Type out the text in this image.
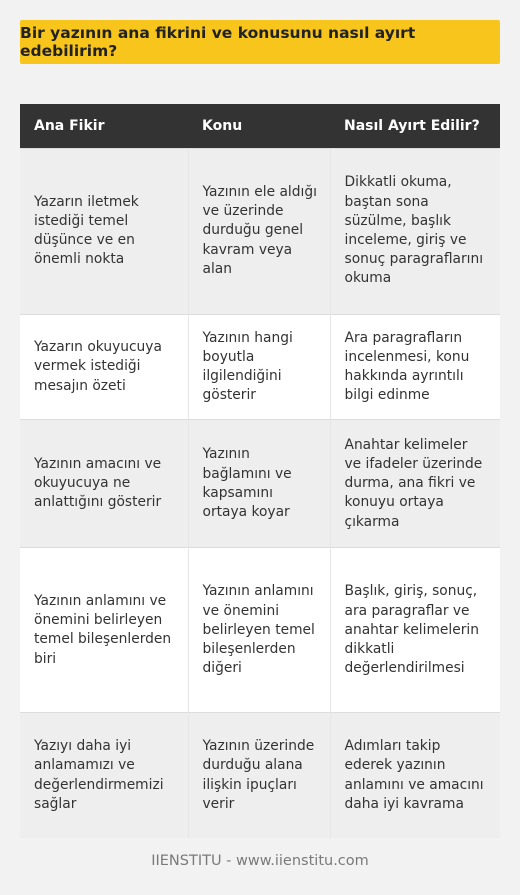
Bir yazının ana fikrini ve konusunu nasıl ayırt edebilirim?
Ana Fikir	Konu	Nasıl Ayırt Edilir?
Yazarın iletmek istediği temel düşünce ve en önemli nokta	Yazının ele aldığı ve üzerinde durduğu genel kavram veya alan	Dikkatli okuma, baştan sona süzülme, başlık inceleme, giriş ve sonuç paragraflarını okuma
Yazarın okuyucuya vermek istediği mesajın özeti	Yazının hangi boyutla ilgilendiğini gösterir	Ara paragrafların incelenmesi, konu hakkında ayrıntılı bilgi edinme
Yazının amacını ve okuyucuya ne anlattığını gösterir	Yazının bağlamını ve kapsamını ortaya koyar	Anahtar kelimeler ve ifadeler üzerinde durma, ana fikri ve konuyu ortaya çıkarma
Yazının anlamını ve önemini belirleyen temel bileşenlerden biri	Yazının anlamını ve önemini belirleyen temel bileşenlerden diğeri	Başlık, giriş, sonuç, ara paragraflar ve anahtar kelimelerin dikkatli değerlendirilmesi
Yazıyı daha iyi anlamamızı ve değerlendirmemizi sağlar	Yazının üzerinde durduğu alana ilişkin ipuçları verir	Adımları takip ederek yazının anlamını ve amacını daha iyi kavrama
IIENSTITU - www.iienstitu.com
